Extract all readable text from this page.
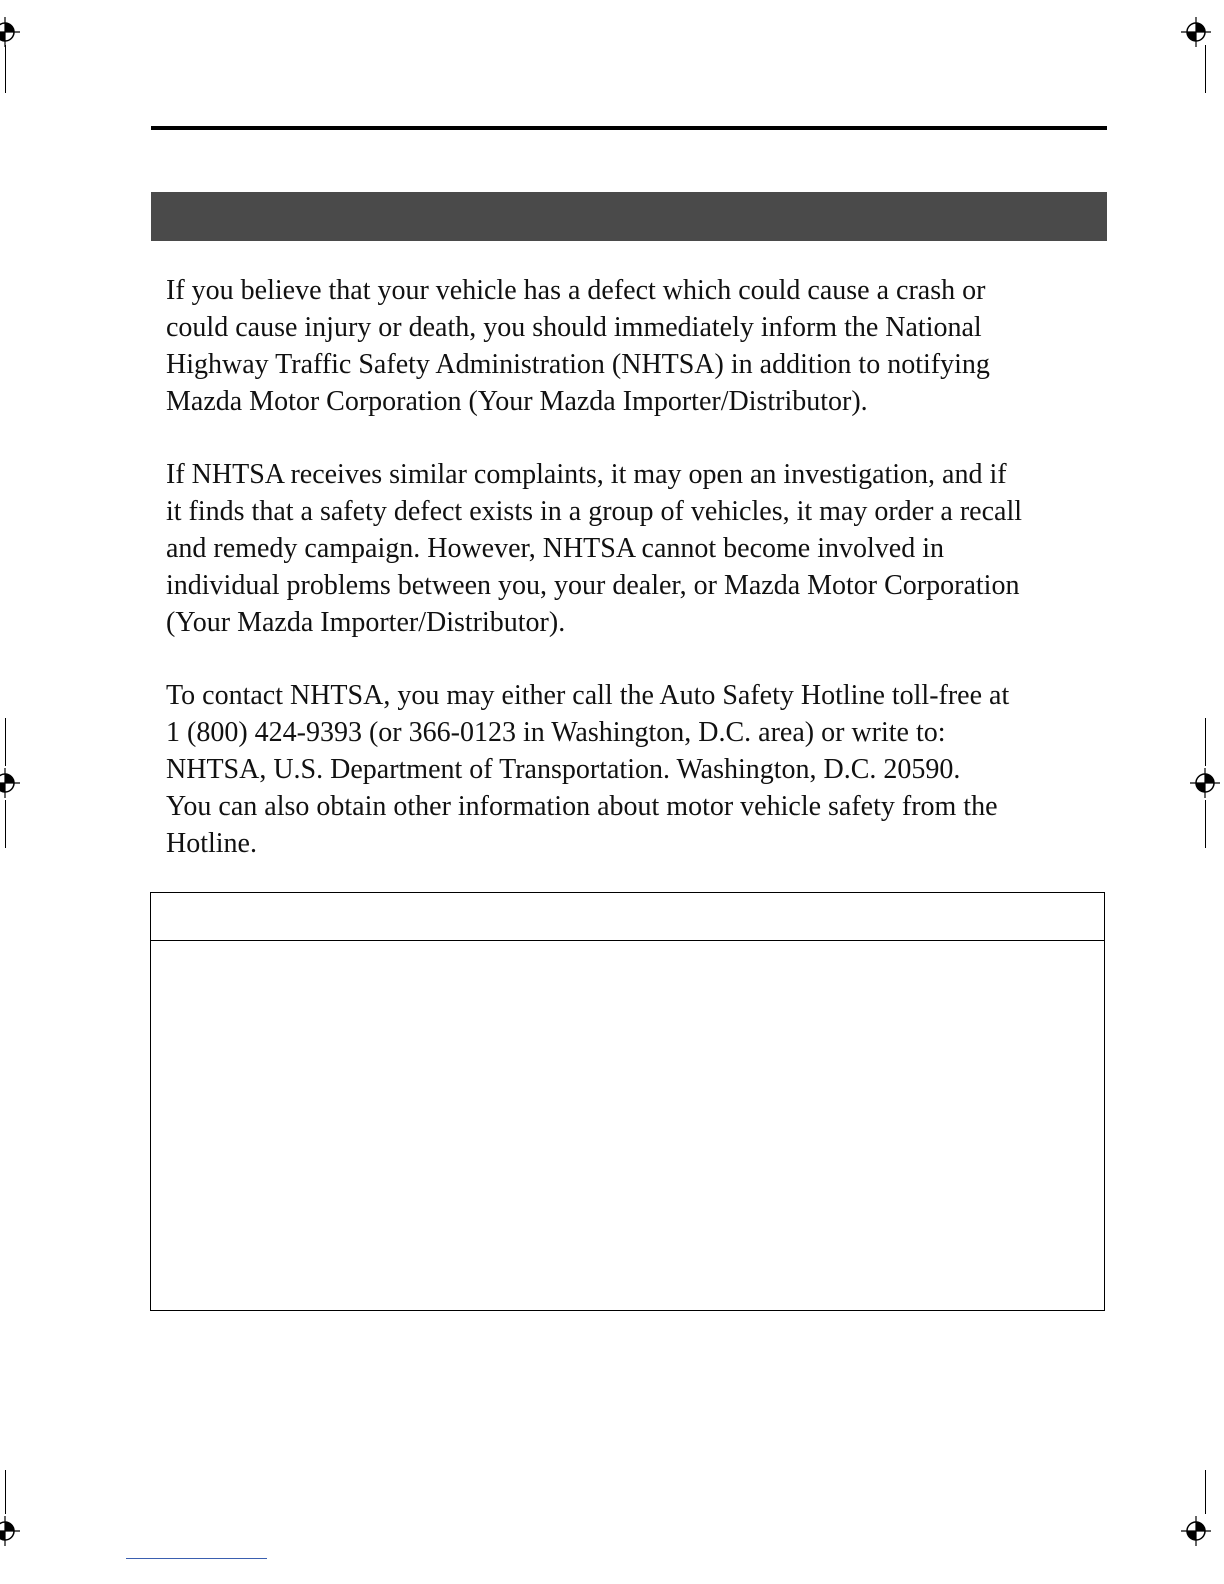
If you believe that your vehicle has a defect which could cause a crash or
could cause injury or death, you should immediately inform the National
Highway Traffic Safety Administration (NHTSA) in addition to notifying
Mazda Motor Corporation (Your Mazda Importer/Distributor).

If NHTSA receives similar complaints, it may open an investigation, and if
it finds that a safety defect exists in a group of vehicles, it may order a recall
and remedy campaign. However, NHTSA cannot become involved in
individual problems between you, your dealer, or Mazda Motor Corporation
(Your Mazda Importer/Distributor).

To contact NHTSA, you may either call the Auto Safety Hotline toll-free at
1 (800) 424-9393 (or 366-0123 in Washington, D.C. area) or write to:
NHTSA, U.S. Department of Transportation. Washington, D.C. 20590.
You can also obtain other information about motor vehicle safety from the
Hotline.
